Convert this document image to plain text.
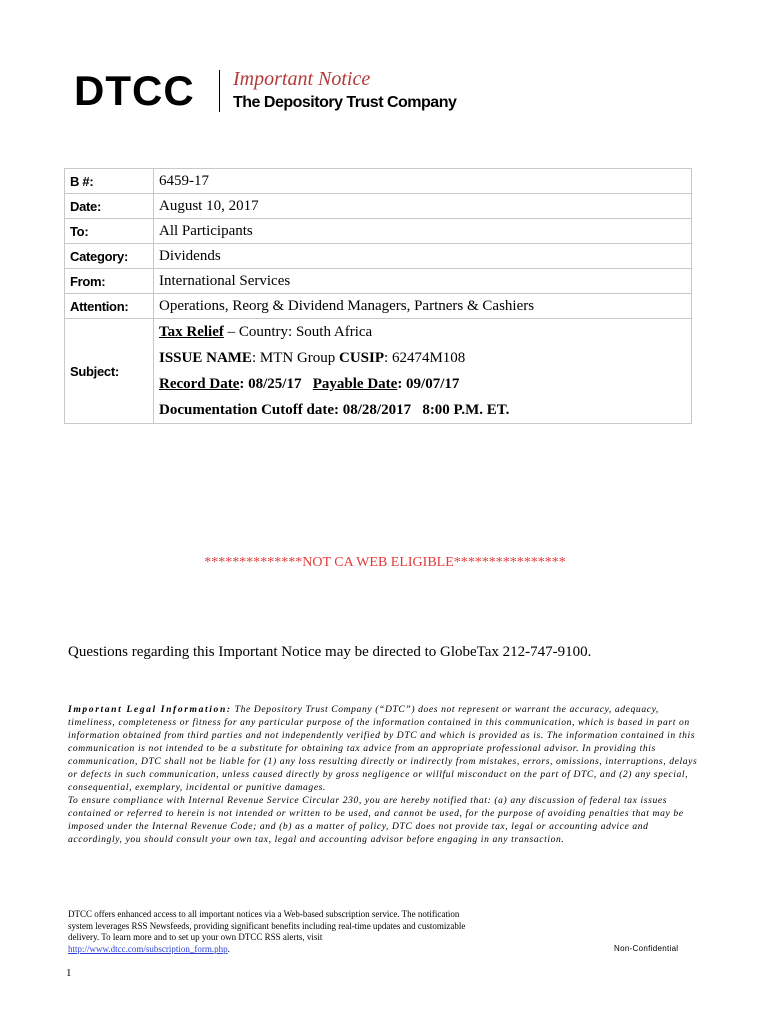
DTCC Important Notice
The Depository Trust Company
B #:	6459-17
Date:	August 10, 2017
To:	All Participants
Category:	Dividends
From:	International Services
Attention:	Operations, Reorg & Dividend Managers, Partners & Cashiers
Subject:	Tax Relief – Country: South Africa
ISSUE NAME: MTN Group CUSIP: 62474M108
Record Date: 08/25/17 Payable Date: 09/07/17
Documentation Cutoff date: 08/28/2017   8:00 P.M. ET.
**************NOT CA WEB ELIGIBLE****************
Questions regarding this Important Notice may be directed to GlobeTax 212-747-9100.
Important Legal Information: The Depository Trust Company (“DTC”) does not represent or warrant the accuracy, adequacy, timeliness, completeness or fitness for any particular purpose of the information contained in this communication, which is based in part on information obtained from third parties and not independently verified by DTC and which is provided as is. The information contained in this communication is not intended to be a substitute for obtaining tax advice from an appropriate professional advisor. In providing this communication, DTC shall not be liable for (1) any loss resulting directly or indirectly from mistakes, errors, omissions, interruptions, delays or defects in such communication, unless caused directly by gross negligence or willful misconduct on the part of DTC, and (2) any special, consequential, exemplary, incidental or punitive damages.
To ensure compliance with Internal Revenue Service Circular 230, you are hereby notified that: (a) any discussion of federal tax issues contained or referred to herein is not intended or written to be used, and cannot be used, for the purpose of avoiding penalties that may be imposed under the Internal Revenue Code; and (b) as a matter of policy, DTC does not provide tax, legal or accounting advice and accordingly, you should consult your own tax, legal and accounting advisor before engaging in any transaction.
DTCC offers enhanced access to all important notices via a Web-based subscription service. The notification system leverages RSS Newsfeeds, providing significant benefits including real-time updates and customizable delivery. To learn more and to set up your own DTCC RSS alerts, visit http://www.dtcc.com/subscription_form.php.	Non-Confidential
1
